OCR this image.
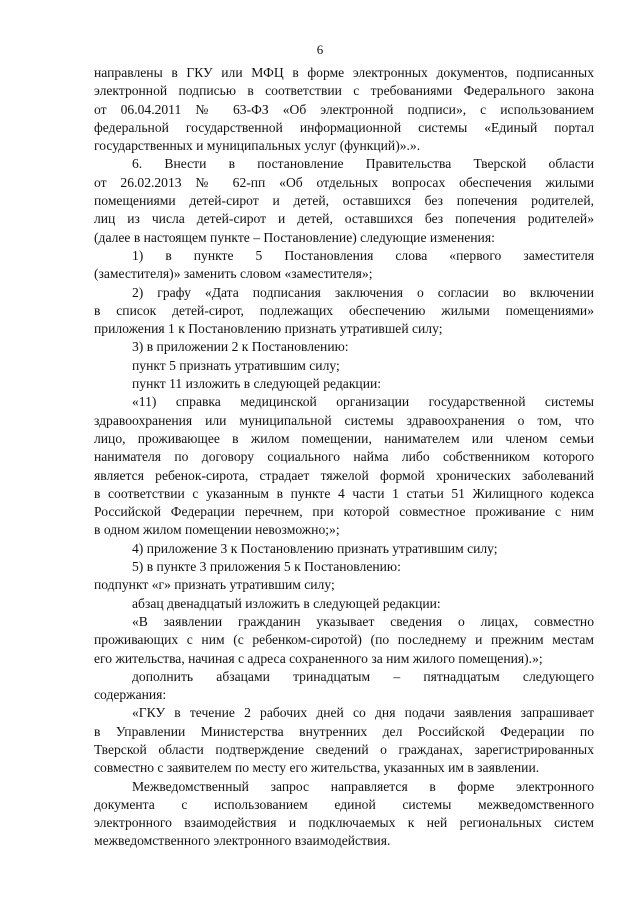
6
направлены в ГКУ или МФЦ в форме электронных документов, подписанных
электронной подписью в соответствии с требованиями Федерального закона
от 06.04.2011 № 63-ФЗ «Об электронной подписи», с использованием
федеральной государственной информационной системы «Единый портал
государственных и муниципальных услуг (функций)».».
6. Внести в постановление Правительства Тверской области
от 26.02.2013 № 62-пп «Об отдельных вопросах обеспечения жилыми
помещениями детей-сирот и детей, оставшихся без попечения родителей,
лиц из числа детей-сирот и детей, оставшихся без попечения родителей»
(далее в настоящем пункте – Постановление) следующие изменения:
1) в пункте 5 Постановления слова «первого заместителя
(заместителя)» заменить словом «заместителя»;
2) графу «Дата подписания заключения о согласии во включении
в список детей-сирот, подлежащих обеспечению жилыми помещениями»
приложения 1 к Постановлению признать утратившей силу;
3) в приложении 2 к Постановлению:
пункт 5 признать утратившим силу;
пункт 11 изложить в следующей редакции:
«11) справка медицинской организации государственной системы
здравоохранения или муниципальной системы здравоохранения о том, что
лицо, проживающее в жилом помещении, нанимателем или членом семьи
нанимателя по договору социального найма либо собственником которого
является ребенок-сирота, страдает тяжелой формой хронических заболеваний
в соответствии с указанным в пункте 4 части 1 статьи 51 Жилищного кодекса
Российской Федерации перечнем, при которой совместное проживание с ним
в одном жилом помещении невозможно;»;
4) приложение 3 к Постановлению признать утратившим силу;
5) в пункте 3 приложения 5 к Постановлению:
подпункт «г» признать утратившим силу;
абзац двенадцатый изложить в следующей редакции:
«В заявлении гражданин указывает сведения о лицах, совместно
проживающих с ним (с ребенком-сиротой) (по последнему и прежним местам
его жительства, начиная с адреса сохраненного за ним жилого помещения).»;
дополнить абзацами тринадцатым – пятнадцатым следующего
содержания:
«ГКУ в течение 2 рабочих дней со дня подачи заявления запрашивает
в Управлении Министерства внутренних дел Российской Федерации по
Тверской области подтверждение сведений о гражданах, зарегистрированных
совместно с заявителем по месту его жительства, указанных им в заявлении.
Межведомственный запрос направляется в форме электронного
документа с использованием единой системы межведомственного
электронного взаимодействия и подключаемых к ней региональных систем
межведомственного электронного взаимодействия.
